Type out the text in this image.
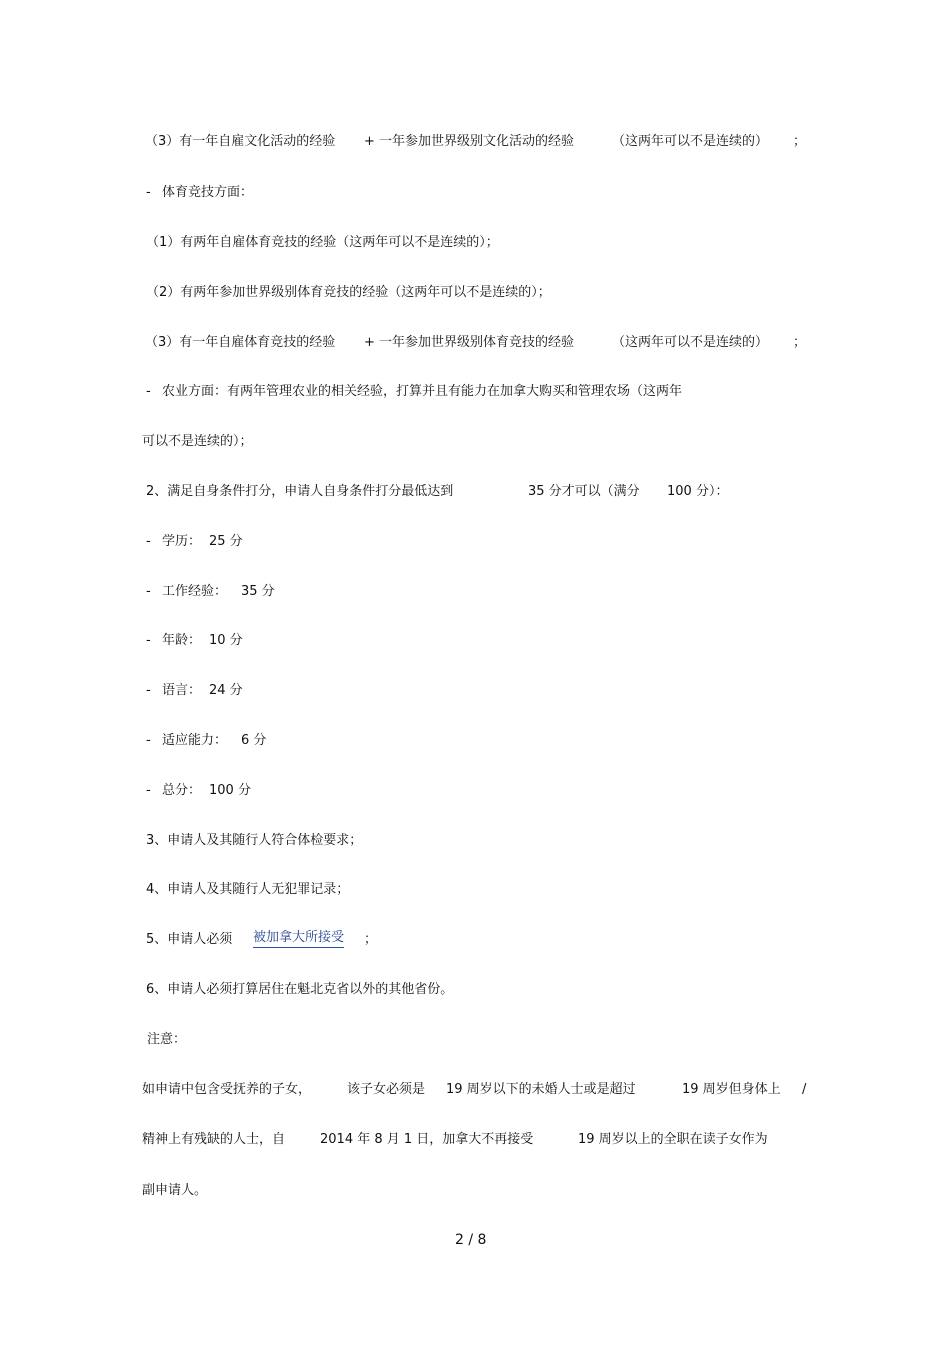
（3）有一年自雇文化活动的经验 + 一年参加世界级别文化活动的经验	（这两年可以不是连续的） ；
- 体育竞技方面：
（1）有两年自雇体育竞技的经验（这两年可以不是连续的）；
（2）有两年参加世界级别体育竞技的经验（这两年可以不是连续的）；
（3）有一年自雇体育竞技的经验 + 一年参加世界级别体育竞技的经验	（这两年可以不是连续的） ；
- 农业方面：有两年管理农业的相关经验，打算并且有能力在加拿大购买和管理农场（这两年
可以不是连续的）；
2、满足自身条件打分，申请人自身条件打分最低达到	35 分才可以（满分 100 分）：
- 学历： 25 分
- 工作经验： 35 分
- 年龄： 10 分
- 语言： 24 分
- 适应能力： 6 分
- 总分： 100 分
3、申请人及其随行人符合体检要求；
4、申请人及其随行人无犯罪记录；
5、申请人必须 被加拿大所接受 ；
6、申请人必须打算居住在魁北克省以外的其他省份。
注意：
如申请中包含受抚养的子女，	该子女必须是 19 周岁以下的未婚人士或是超过	19 周岁但身体上 /
精神上有残缺的人士，自	2014 年 8 月 1 日，加拿大不再接受	19 周岁以上的全职在读子女作为
副申请人。
2 / 8
